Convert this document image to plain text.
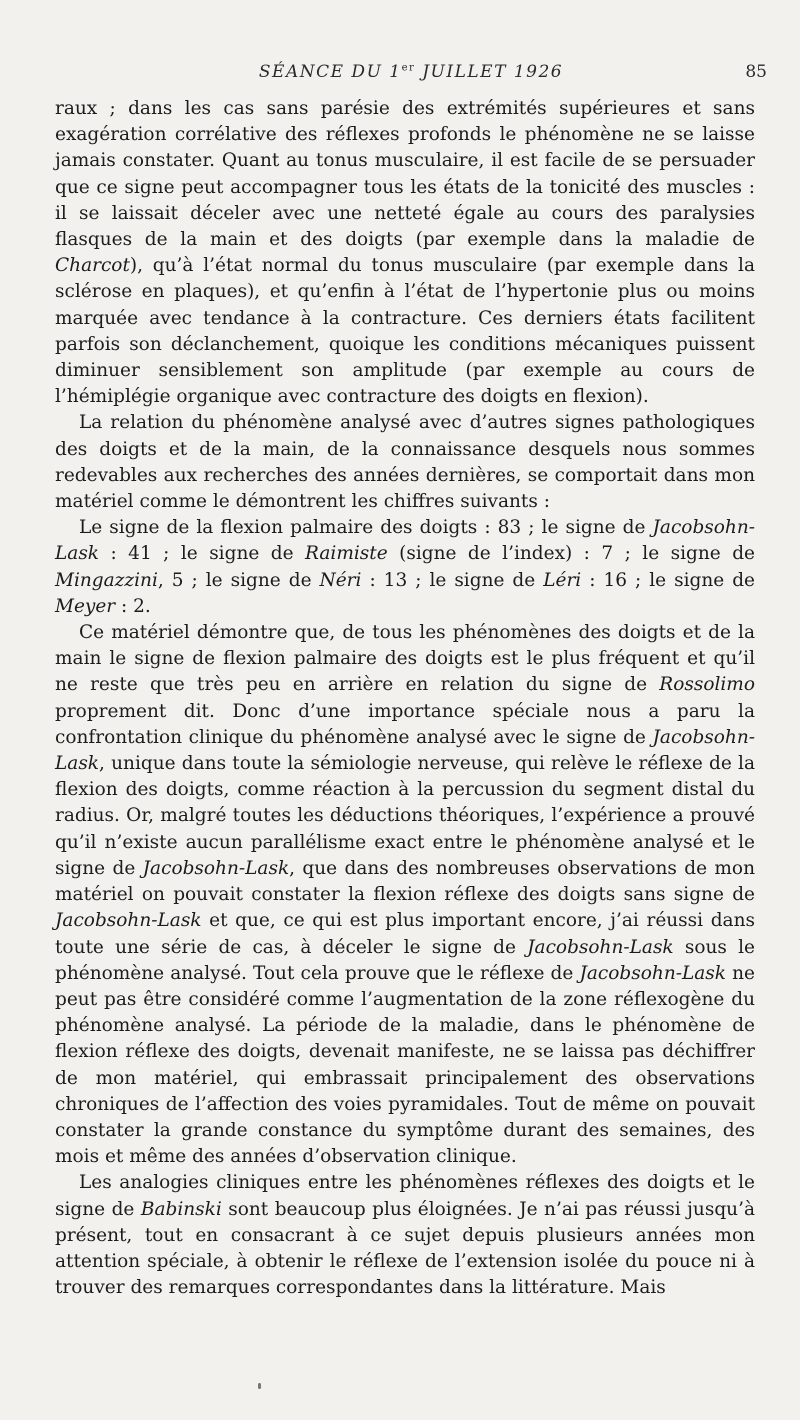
SÉANCE DU 1er JUILLET 1926	85

raux ; dans les cas sans parésie des extrémités supérieures et sans exagération corrélative des réflexes profonds le phénomène ne se laisse jamais constater. Quant au tonus musculaire, il est facile de se persuader que ce signe peut accompagner tous les états de la tonicité des muscles : il se laissait déceler avec une netteté égale au cours des paralysies flasques de la main et des doigts (par exemple dans la maladie de Charcot), qu’à l’état normal du tonus musculaire (par exemple dans la sclérose en plaques), et qu’enfin à l’état de l’hypertonie plus ou moins marquée avec tendance à la contracture. Ces derniers états facilitent parfois son déclanchement, quoique les conditions mécaniques puissent diminuer sensiblement son amplitude (par exemple au cours de l’hémiplégie organique avec contracture des doigts en flexion).

La relation du phénomène analysé avec d’autres signes pathologiques des doigts et de la main, de la connaissance desquels nous sommes redevables aux recherches des années dernières, se comportait dans mon matériel comme le démontrent les chiffres suivants :

Le signe de la flexion palmaire des doigts : 83 ; le signe de Jacobsohn-Lask : 41 ; le signe de Raimiste (signe de l’index) : 7 ; le signe de Mingazzini, 5 ; le signe de Néri : 13 ; le signe de Léri : 16 ; le signe de Meyer : 2.

Ce matériel démontre que, de tous les phénomènes des doigts et de la main le signe de flexion palmaire des doigts est le plus fréquent et qu’il ne reste que très peu en arrière en relation du signe de Rossolimo proprement dit. Donc d’une importance spéciale nous a paru la confrontation clinique du phénomène analysé avec le signe de Jacobsohn-Lask, unique dans toute la sémiologie nerveuse, qui relève le réflexe de la flexion des doigts, comme réaction à la percussion du segment distal du radius. Or, malgré toutes les déductions théoriques, l’expérience a prouvé qu’il n’existe aucun parallélisme exact entre le phénomène analysé et le signe de Jacobsohn-Lask, que dans des nombreuses observations de mon matériel on pouvait constater la flexion réflexe des doigts sans signe de Jacobsohn-Lask et que, ce qui est plus important encore, j’ai réussi dans toute une série de cas, à déceler le signe de Jacobsohn-Lask sous le phénomène analysé. Tout cela prouve que le réflexe de Jacobsohn-Lask ne peut pas être considéré comme l’augmentation de la zone réflexogène du phénomène analysé. La période de la maladie, dans le phénomène de flexion réflexe des doigts, devenait manifeste, ne se laissa pas déchiffrer de mon matériel, qui embrassait principalement des observations chroniques de l’affection des voies pyramidales. Tout de même on pouvait constater la grande constance du symptôme durant des semaines, des mois et même des années d’observation clinique.

Les analogies cliniques entre les phénomènes réflexes des doigts et le signe de Babinski sont beaucoup plus éloignées. Je n’ai pas réussi jusqu’à présent, tout en consacrant à ce sujet depuis plusieurs années mon attention spéciale, à obtenir le réflexe de l’extension isolée du pouce ni à trouver des remarques correspondantes dans la littérature. Mais
